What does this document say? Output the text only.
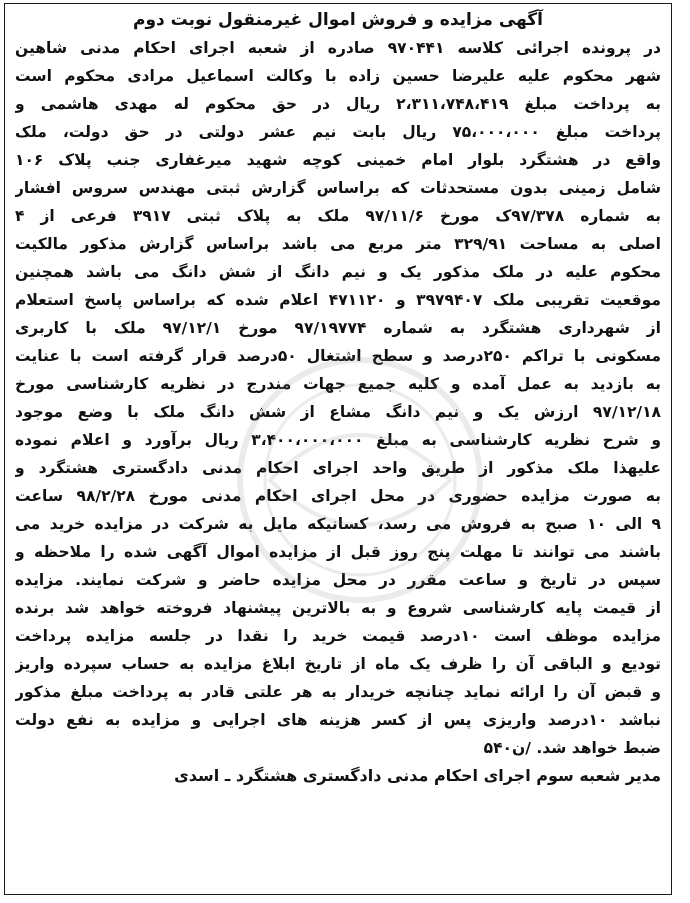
آگهی مزایده و فروش اموال غیرمنقول نوبت دوم
در پرونده اجرائی کلاسه ۹۷۰۴۴۱ صادره از شعبه اجرای احکام مدنی شاهین
شهر محکوم علیه علیرضا حسین زاده با وکالت اسماعیل مرادی محکوم است
به پرداخت مبلغ ۲،۳۱۱،۷۴۸،۴۱۹ ریال در حق محکوم له مهدی هاشمی و
پرداخت مبلغ ۷۵،۰۰۰،۰۰۰ ریال بابت نیم عشر دولتی در حق دولت، ملک
واقع در هشتگرد بلوار امام خمینی کوچه شهید میرغفاری جنب پلاک ۱۰۶
شامل زمینی بدون مستحدثات که براساس گزارش ثبتی مهندس سروس افشار
به شماره ۹۷/۳۷۸ک مورخ ۹۷/۱۱/۶ ملک به پلاک ثبتی ۳۹۱۷ فرعی از ۴
اصلی به مساحت ۳۲۹/۹۱ متر مربع می باشد براساس گزارش مذکور مالکیت
محکوم علیه در ملک مذکور یک و نیم دانگ از شش دانگ می باشد همچنین
موقعیت تقریبی ملک ۳۹۷۹۴۰۷ و ۴۷۱۱۲۰ اعلام شده که براساس پاسخ استعلام
از شهرداری هشتگرد به شماره ۹۷/۱۹۷۷۴ مورخ ۹۷/۱۲/۱ ملک با کاربری
مسکونی با تراکم ۲۵۰درصد و سطح اشتغال ۵۰درصد قرار گرفته است با عنایت
به بازدید به عمل آمده و کلیه جمیع جهات مندرج در نظریه کارشناسی مورخ
۹۷/۱۲/۱۸ ارزش یک و نیم دانگ مشاع از شش دانگ ملک با وضع موجود
و شرح نظریه کارشناسی به مبلغ ۳،۴۰۰،۰۰۰،۰۰۰ ریال برآورد و اعلام نموده
علیهذا ملک مذکور از طریق واحد اجرای احکام مدنی دادگستری هشتگرد و
به صورت مزایده حضوری در محل اجرای احکام مدنی مورخ ۹۸/۲/۲۸ ساعت
۹ الی ۱۰ صبح به فروش می رسد، کسانیکه مایل به شرکت در مزایده خرید می
باشند می توانند تا مهلت پنج روز قبل از مزایده اموال آگهی شده را ملاحظه و
سپس در تاریخ و ساعت مقرر در محل مزایده حاضر و شرکت نمایند. مزایده
از قیمت پایه کارشناسی شروع و به بالاترین پیشنهاد فروخته خواهد شد برنده
مزایده موظف است ۱۰درصد قیمت خرید را نقدا در جلسه مزایده پرداخت
تودیع و الباقی آن را ظرف یک ماه از تاریخ ابلاغ مزایده به حساب سپرده واریز
و قبض آن را ارائه نماید چنانچه خریدار به هر علتی قادر به پرداخت مبلغ مذکور
نباشد ۱۰درصد واریزی پس از کسر هزینه های اجرایی و مزایده به نفع دولت
ضبط خواهد شد. /ن۵۴۰
مدیر شعبه سوم اجرای احکام مدنی دادگستری هشتگرد ـ اسدی
